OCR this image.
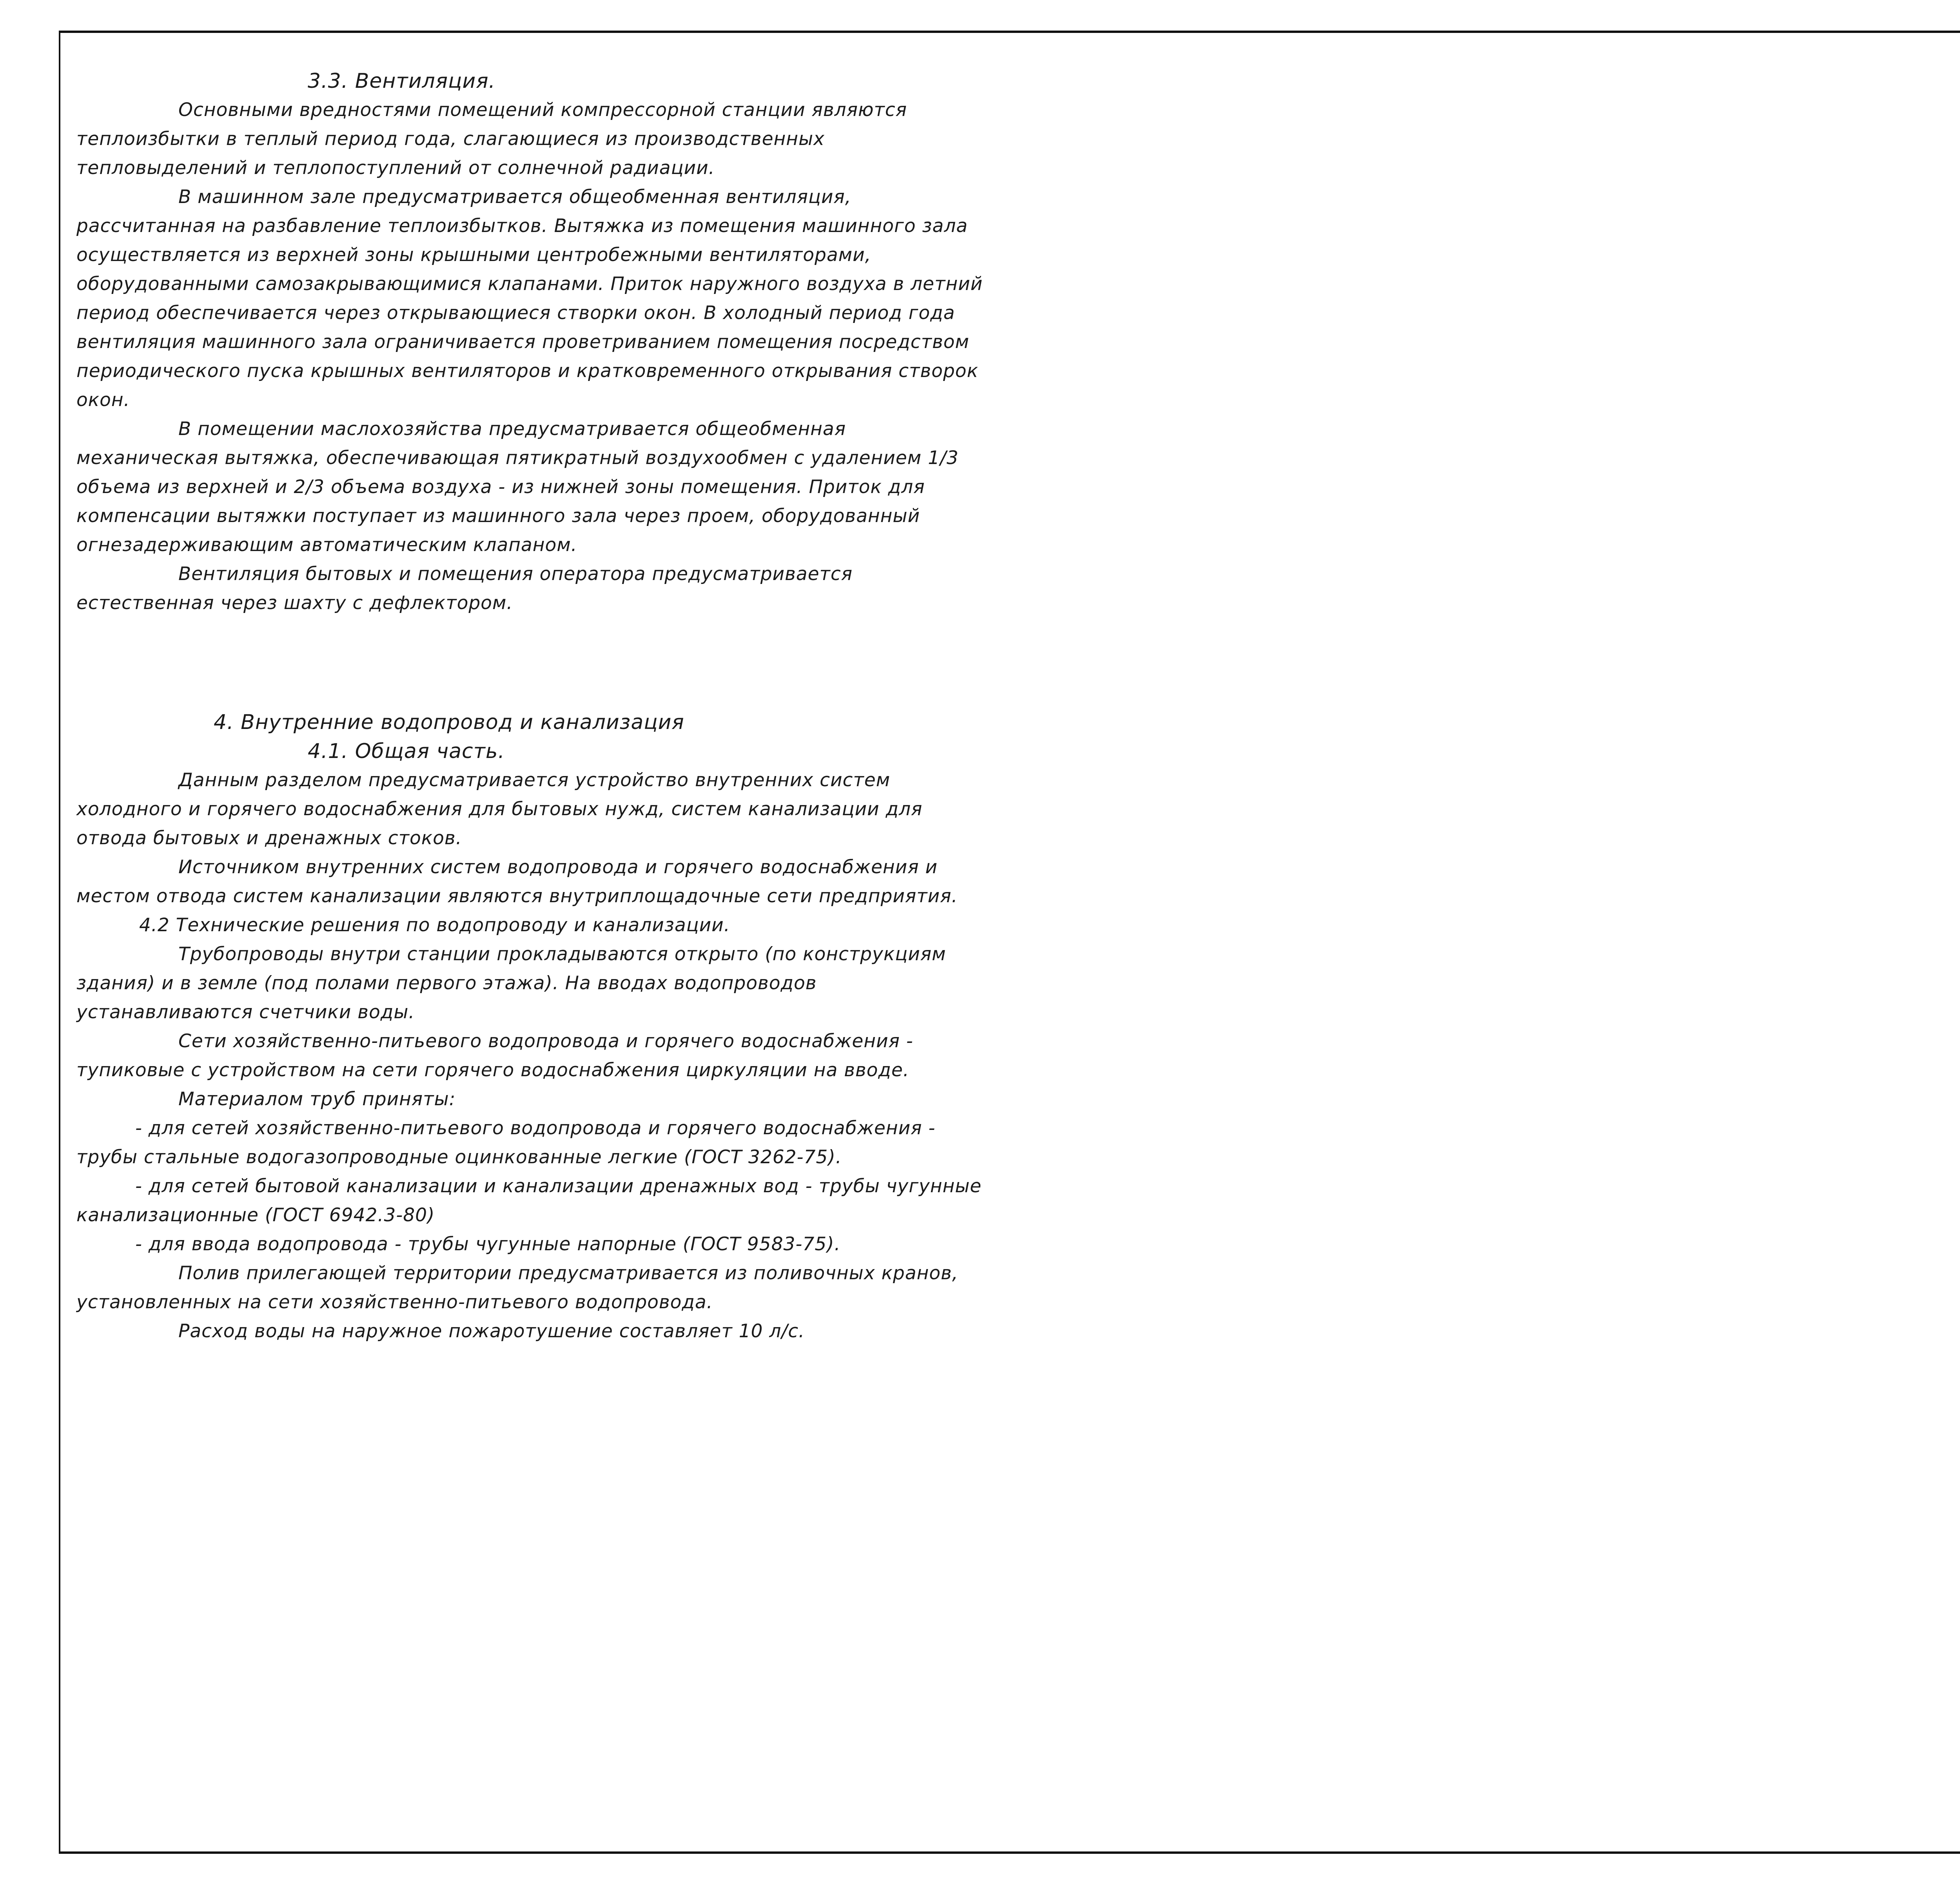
3.3. Вентиляция.

Основными вредностями помещений компрессорной станции являются теплоизбытки в теплый период года, слагающиеся из производственных тепловыделений и теплопоступлений от солнечной радиации.

В машинном зале предусматривается общеобменная вентиляция, рассчитанная на разбавление теплоизбытков. Вытяжка из помещения машинного зала осуществляется из верхней зоны крышными центробежными вентиляторами, оборудованными самозакрывающимися клапанами. Приток наружного воздуха в летний период обеспечивается через открывающиеся створки окон. В холодный период года вентиляция машинного зала ограничивается проветриванием помещения посредством периодического пуска крышных вентиляторов и кратковременного открывания створок окон.

В помещении маслохозяйства предусматривается общеобменная механическая вытяжка, обеспечивающая пятикратный воздухообмен с удалением 1/3 объема из верхней и 2/3 объема воздуха - из нижней зоны помещения. Приток для компенсации вытяжки поступает из машинного зала через проем, оборудованный огнезадерживающим автоматическим клапаном.

Вентиляция бытовых и помещения оператора предусматривается естественная через шахту с дефлектором.

4. Внутренние водопровод и канализация

4.1. Общая часть.

Данным разделом предусматривается устройство внутренних систем холодного и горячего водоснабжения для бытовых нужд, систем канализации для отвода бытовых и дренажных стоков.

Источником внутренних систем водопровода и горячего водоснабжения и местом отвода систем канализации являются внутриплощадочные сети предприятия.

4.2 Технические решения по водопроводу и канализации.

Трубопроводы внутри станции прокладываются открыто (по конструкциям здания) и в земле (под полами первого этажа). На вводах водопроводов устанавливаются счетчики воды.

Сети хозяйственно-питьевого водопровода и горячего водоснабжения - тупиковые с устройством на сети горячего водоснабжения циркуляции на вводе.

Материалом труб приняты:

- для сетей хозяйственно-питьевого водопровода и горячего водоснабжения - трубы стальные водогазопроводные оцинкованные легкие (ГОСТ 3262-75).

- для сетей бытовой канализации и канализации дренажных вод - трубы чугунные канализационные (ГОСТ 6942.3-80)

- для ввода водопровода - трубы чугунные напорные (ГОСТ 9583-75).

Полив прилегающей территории предусматривается из поливочных кранов, установленных на сети хозяйственно-питьевого водопровода.

Расход воды на наружное пожаротушение составляет 10 л/с.
